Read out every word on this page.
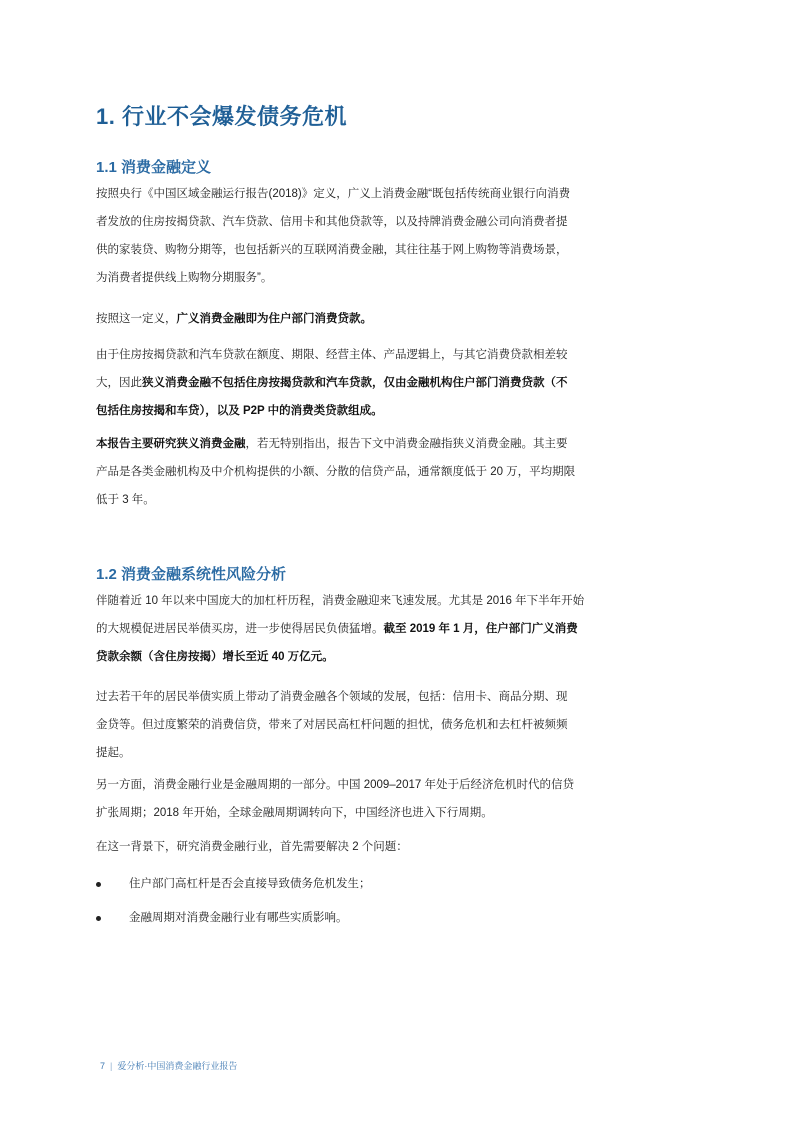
1. 行业不会爆发债务危机
1.1 消费金融定义

按照央行《中国区域金融运行报告(2018)》定义，广义上消费金融“既包括传统商业银行向消费
者发放的住房按揭贷款、汽车贷款、信用卡和其他贷款等，以及持牌消费金融公司向消费者提
供的家装贷、购物分期等，也包括新兴的互联网消费金融，其往往基于网上购物等消费场景，
为消费者提供线上购物分期服务”。

按照这一定义，广义消费金融即为住户部门消费贷款。

由于住房按揭贷款和汽车贷款在额度、期限、经营主体、产品逻辑上，与其它消费贷款相差较
大，因此狭义消费金融不包括住房按揭贷款和汽车贷款，仅由金融机构住户部门消费贷款（不
包括住房按揭和车贷），以及 P2P 中的消费类贷款组成。

本报告主要研究狭义消费金融，若无特别指出，报告下文中消费金融指狭义消费金融。其主要
产品是各类金融机构及中介机构提供的小额、分散的信贷产品，通常额度低于 20 万，平均期限
低于 3 年。

1.2 消费金融系统性风险分析

伴随着近 10 年以来中国庞大的加杠杆历程，消费金融迎来飞速发展。尤其是 2016 年下半年开始
的大规模促进居民举债买房，进一步使得居民负债猛增。截至 2019 年 1 月，住户部门广义消费
贷款余额（含住房按揭）增长至近 40 万亿元。

过去若干年的居民举债实质上带动了消费金融各个领域的发展，包括：信用卡、商品分期、现
金贷等。但过度繁荣的消费信贷，带来了对居民高杠杆问题的担忧，债务危机和去杠杆被频频
提起。

另一方面，消费金融行业是金融周期的一部分。中国 2009–2017 年处于后经济危机时代的信贷
扩张周期；2018 年开始，全球金融周期调转向下，中国经济也进入下行周期。

在这一背景下，研究消费金融行业，首先需要解决 2 个问题：

住户部门高杠杆是否会直接导致债务危机发生；
金融周期对消费金融行业有哪些实质影响。
7 | 爱分析·中国消费金融行业报告
